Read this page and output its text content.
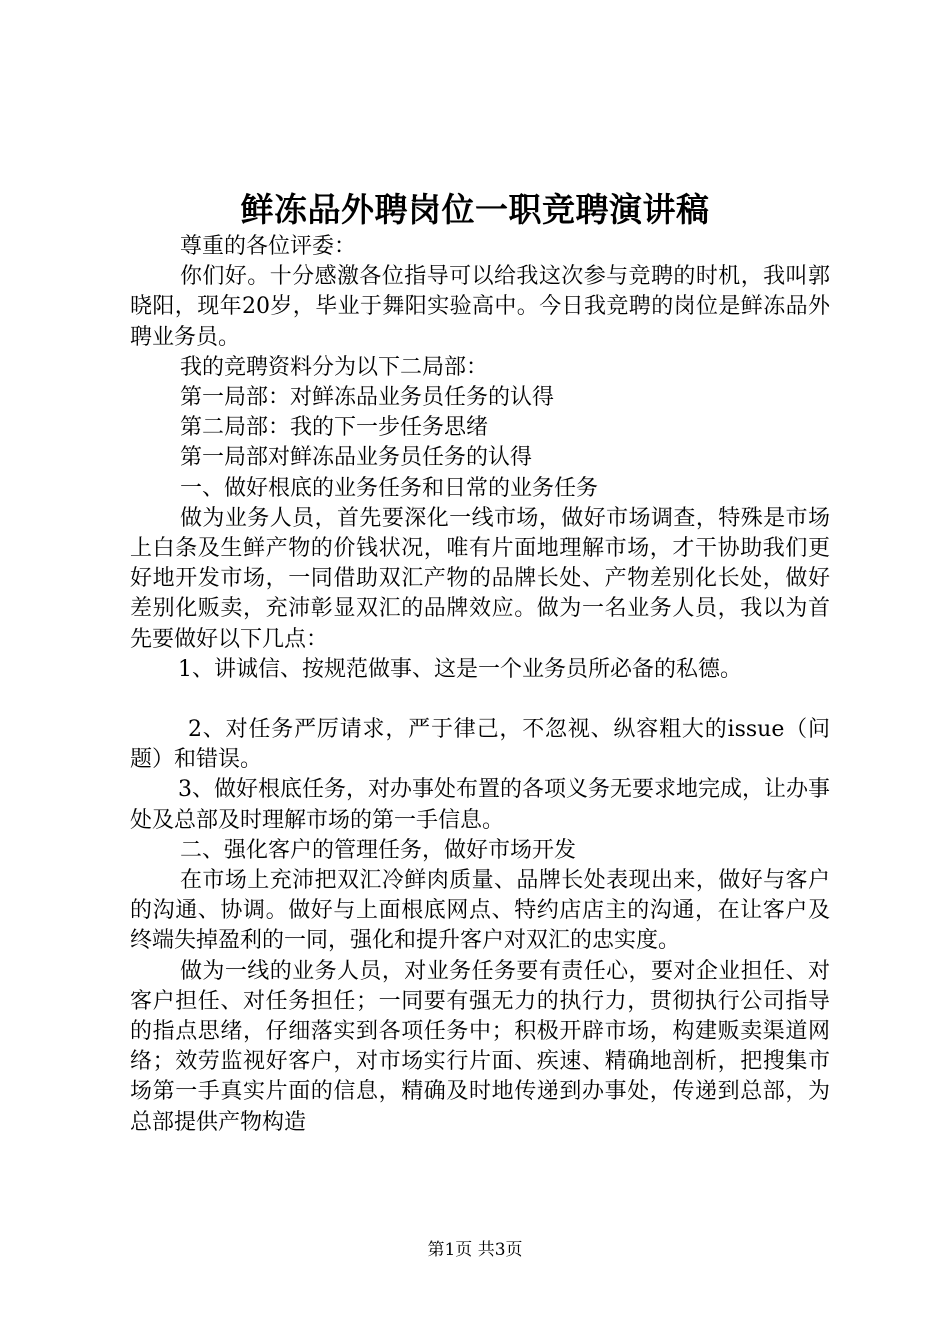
鲜冻品外聘岗位一职竞聘演讲稿

尊重的各位评委：

你们好。十分感激各位指导可以给我这次参与竞聘的时机，我叫郭晓阳，现年20岁，毕业于舞阳实验高中。今日我竞聘的岗位是鲜冻品外聘业务员。

我的竞聘资料分为以下二局部：

第一局部：对鲜冻品业务员任务的认得

第二局部：我的下一步任务思绪

第一局部对鲜冻品业务员任务的认得

一、做好根底的业务任务和日常的业务任务

做为业务人员，首先要深化一线市场，做好市场调查，特殊是市场上白条及生鲜产物的价钱状况，唯有片面地理解市场，才干协助我们更好地开发市场，一同借助双汇产物的品牌长处、产物差别化长处，做好差别化贩卖，充沛彰显双汇的品牌效应。做为一名业务人员，我以为首先要做好以下几点：

1、讲诚信、按规范做事、这是一个业务员所必备的私德。

2、对任务严厉请求，严于律己，不忽视、纵容粗大的issue（问题）和错误。

3、做好根底任务，对办事处布置的各项义务无要求地完成，让办事处及总部及时理解市场的第一手信息。

二、强化客户的管理任务，做好市场开发

在市场上充沛把双汇冷鲜肉质量、品牌长处表现出来，做好与客户的沟通、协调。做好与上面根底网点、特约店店主的沟通，在让客户及终端失掉盈利的一同，强化和提升客户对双汇的忠实度。

做为一线的业务人员，对业务任务要有责任心，要对企业担任、对客户担任、对任务担任；一同要有强无力的执行力，贯彻执行公司指导的指点思绪，仔细落实到各项任务中；积极开辟市场，构建贩卖渠道网络；效劳监视好客户，对市场实行片面、疾速、精确地剖析，把搜集市场第一手真实片面的信息，精确及时地传递到办事处，传递到总部，为总部提供产物构造

第1页 共3页
